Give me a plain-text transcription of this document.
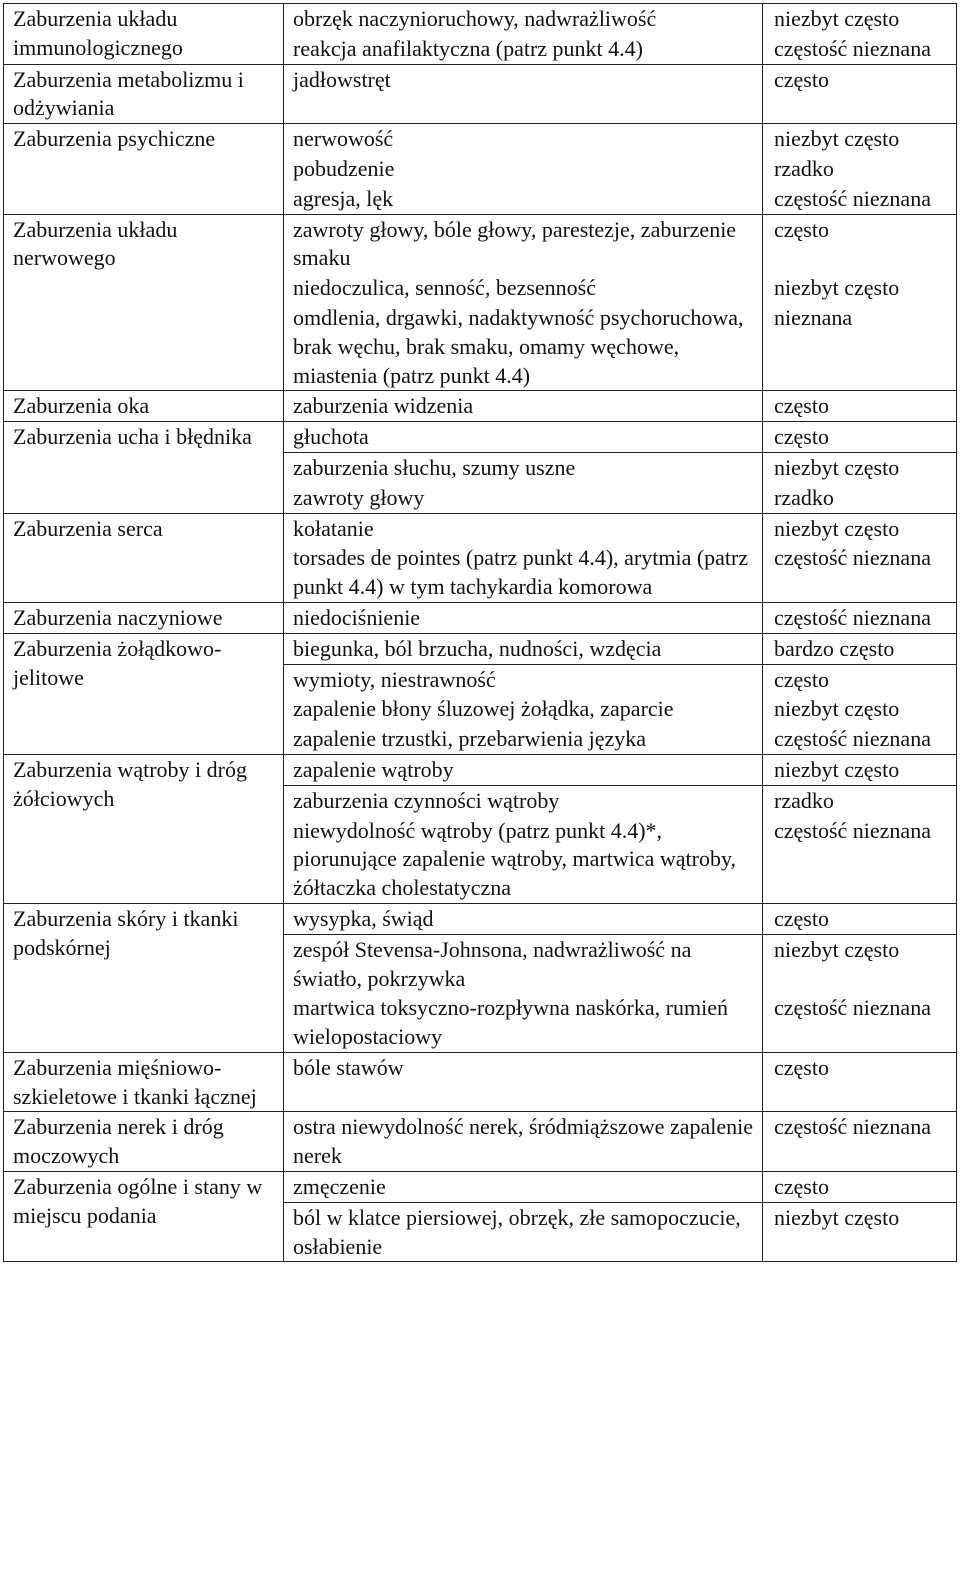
Zaburzenia układu immunologicznego	obrzęk naczynioruchowy, nadwrażliwość	niezbyt często
	reakcja anafilaktyczna (patrz punkt 4.4)	częstość nieznana
Zaburzenia metabolizmu i odżywiania	jadłowstręt	często
Zaburzenia psychiczne	nerwowość	niezbyt często
	pobudzenie	rzadko
	agresja, lęk	częstość nieznana
Zaburzenia układu nerwowego	zawroty głowy, bóle głowy, parestezje, zaburzenie smaku	często
	niedoczulica, senność, bezsenność	niezbyt często
	omdlenia, drgawki, nadaktywność psychoruchowa, brak węchu, brak smaku, omamy węchowe, miastenia (patrz punkt 4.4)	nieznana
Zaburzenia oka	zaburzenia widzenia	często
Zaburzenia ucha i błędnika	głuchota	często
	zaburzenia słuchu, szumy uszne	niezbyt często
	zawroty głowy	rzadko
Zaburzenia serca	kołatanie	niezbyt często
	torsades de pointes (patrz punkt 4.4), arytmia (patrz punkt 4.4) w tym tachykardia komorowa	częstość nieznana
Zaburzenia naczyniowe	niedociśnienie	częstość nieznana
Zaburzenia żołądkowo-jelitowe	biegunka, ból brzucha, nudności, wzdęcia	bardzo często
	wymioty, niestrawność	często
	zapalenie błony śluzowej żołądka, zaparcie	niezbyt często
	zapalenie trzustki, przebarwienia języka	częstość nieznana
Zaburzenia wątroby i dróg żółciowych	zapalenie wątroby	niezbyt często
	zaburzenia czynności wątroby	rzadko
	niewydolność wątroby (patrz punkt 4.4)*, piorunujące zapalenie wątroby, martwica wątroby, żółtaczka cholestatyczna	częstość nieznana
Zaburzenia skóry i tkanki podskórnej	wysypka, świąd	często
	zespół Stevensa-Johnsona, nadwrażliwość na światło, pokrzywka	niezbyt często
	martwica toksyczno-rozpływna naskórka, rumień wielopostaciowy	częstość nieznana
Zaburzenia mięśniowo-szkieletowe i tkanki łącznej	bóle stawów	często
Zaburzenia nerek i dróg moczowych	ostra niewydolność nerek, śródmiąższowe zapalenie nerek	częstość nieznana
Zaburzenia ogólne i stany w miejscu podania	zmęczenie	często
	ból w klatce piersiowej, obrzęk, złe samopoczucie, osłabienie	niezbyt często
